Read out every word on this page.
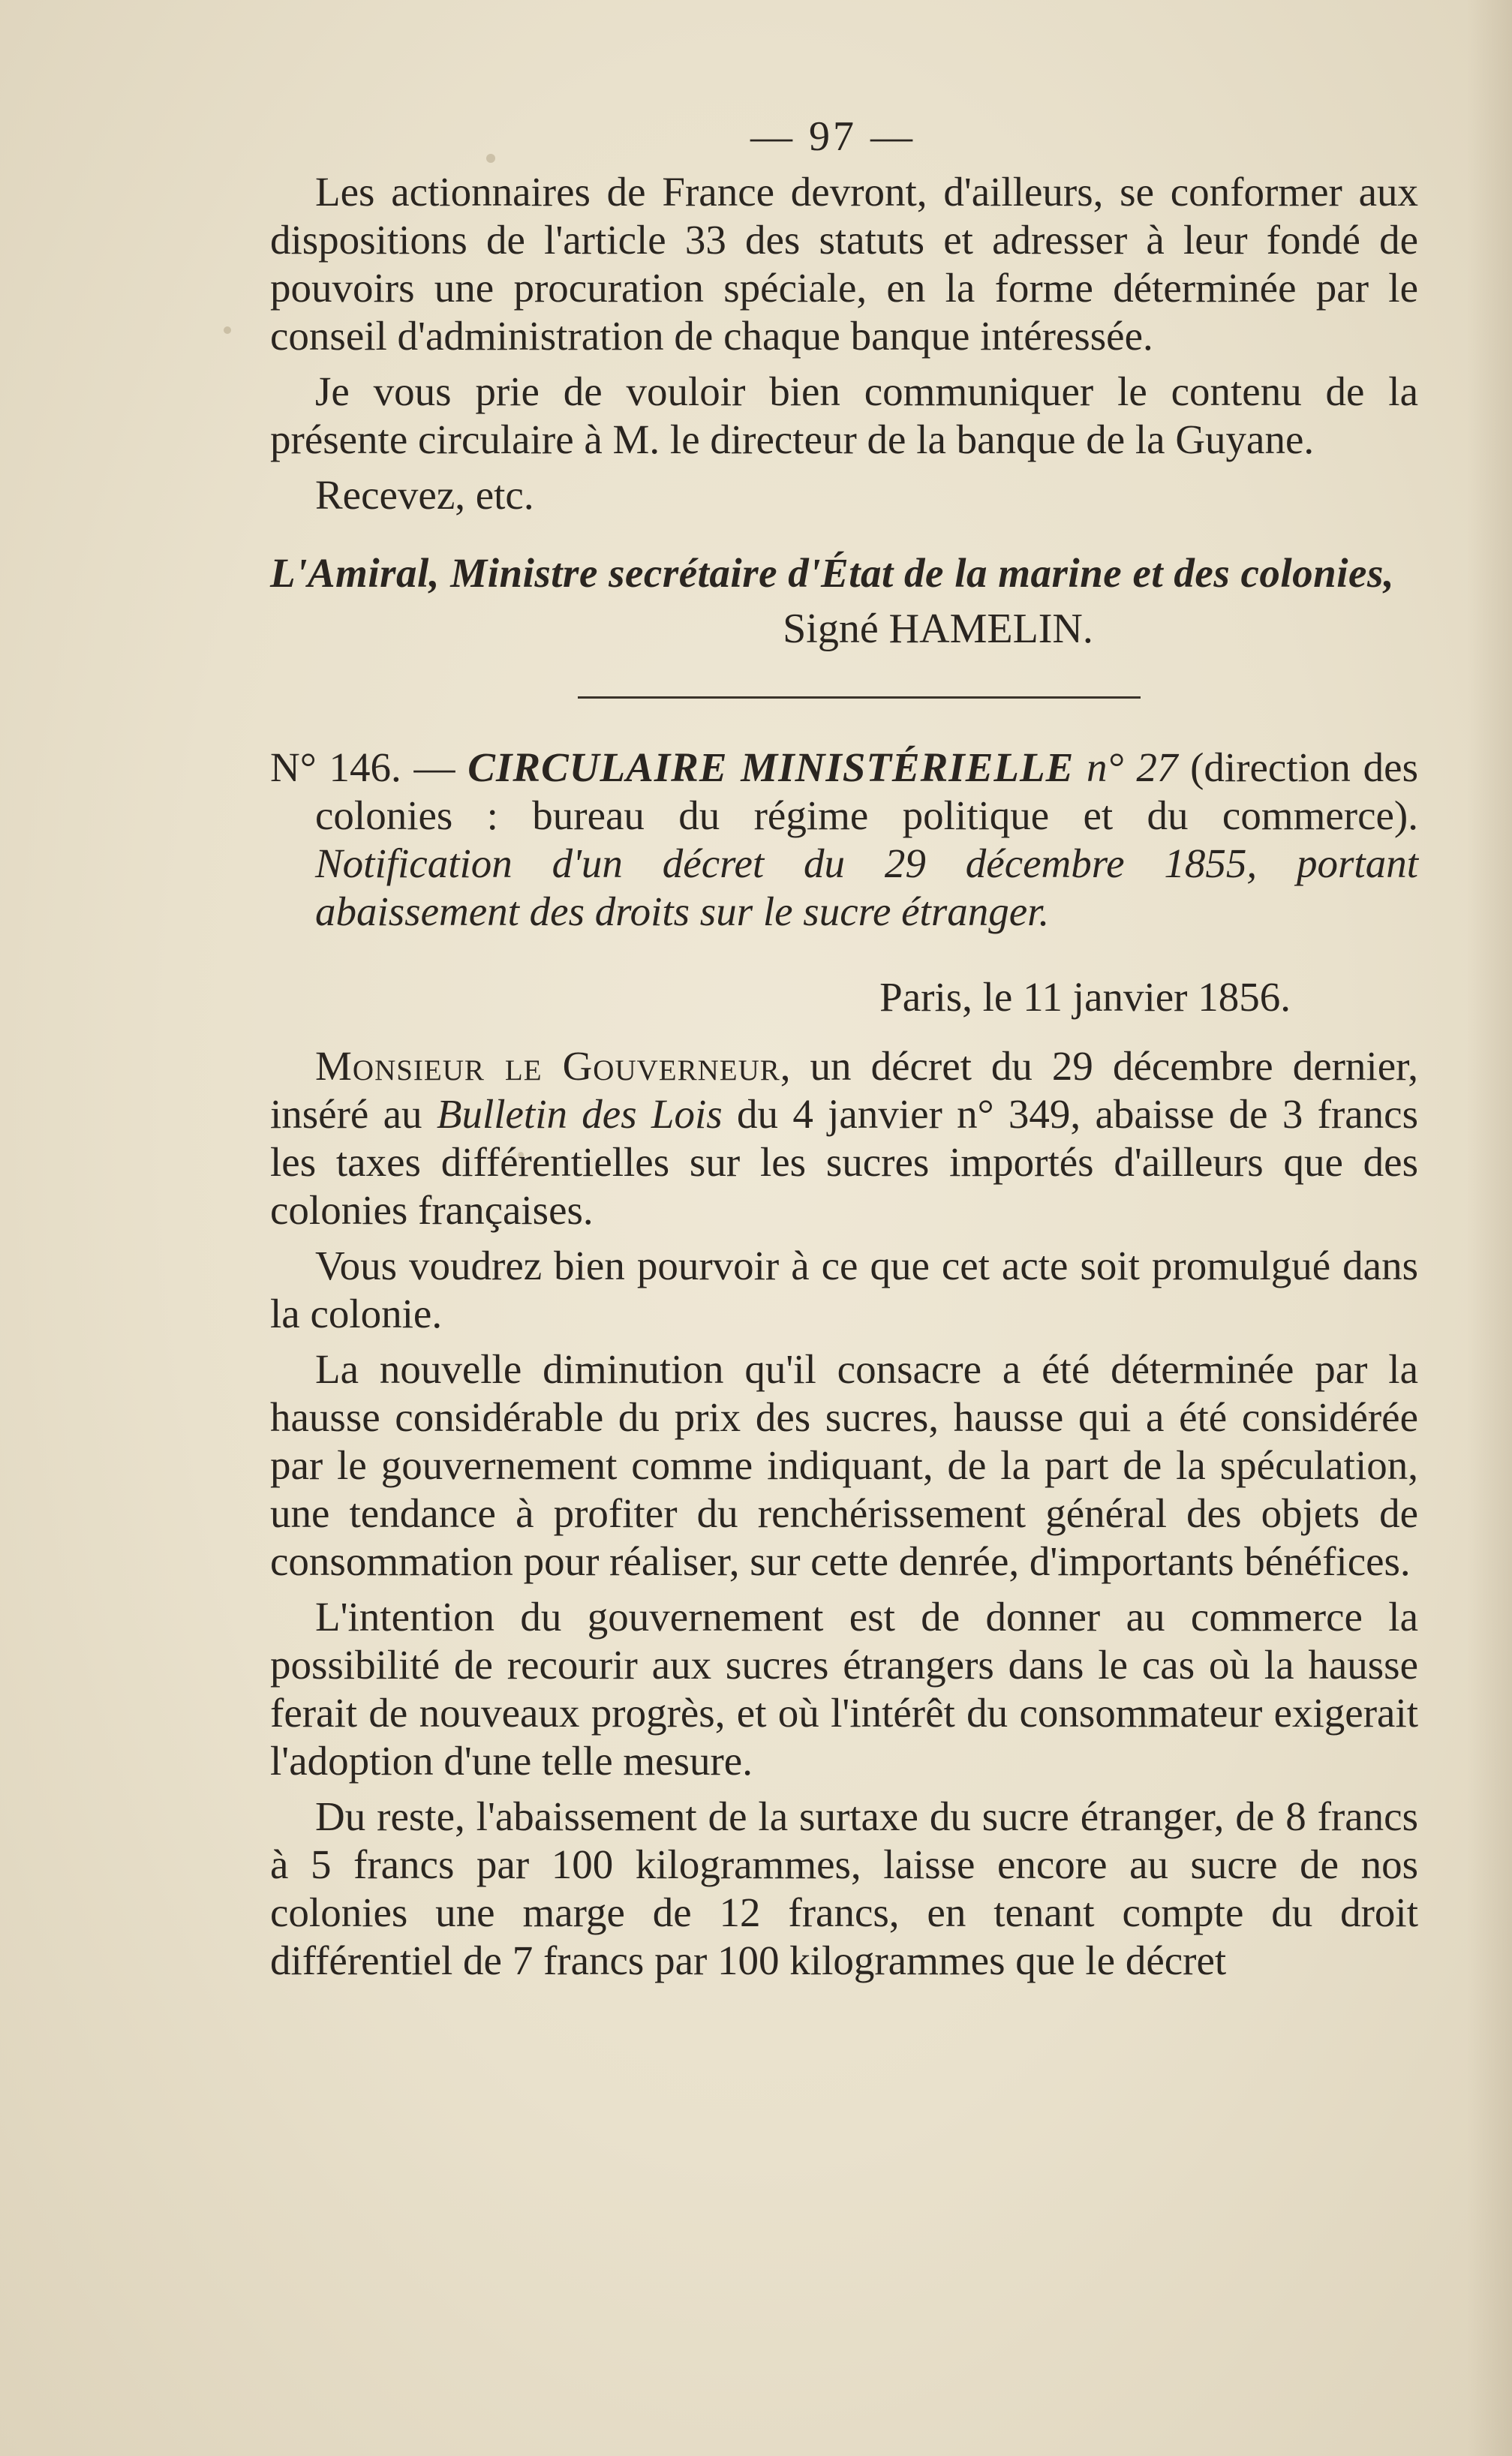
— 97 —

Les actionnaires de France devront, d'ailleurs, se conformer aux dispositions de l'article 33 des statuts et adresser à leur fondé de pouvoirs une procuration spéciale, en la forme déterminée par le conseil d'administration de chaque banque intéressée.

Je vous prie de vouloir bien communiquer le contenu de la présente circulaire à M. le directeur de la banque de la Guyane.

Recevez, etc.

L'Amiral, Ministre secrétaire d'État de la marine et des colonies,

Signé HAMELIN.

N° 146. — CIRCULAIRE MINISTÉRIELLE n° 27 (direction des colonies : bureau du régime politique et du commerce). Notification d'un décret du 29 décembre 1855, portant abaissement des droits sur le sucre étranger.

Paris, le 11 janvier 1856.

Monsieur le Gouverneur, un décret du 29 décembre dernier, inséré au Bulletin des Lois du 4 janvier n° 349, abaisse de 3 francs les taxes différentielles sur les sucres importés d'ailleurs que des colonies françaises.

Vous voudrez bien pourvoir à ce que cet acte soit promulgué dans la colonie.

La nouvelle diminution qu'il consacre a été déterminée par la hausse considérable du prix des sucres, hausse qui a été considérée par le gouvernement comme indiquant, de la part de la spéculation, une tendance à profiter du renchérissement général des objets de consommation pour réaliser, sur cette denrée, d'importants bénéfices.

L'intention du gouvernement est de donner au commerce la possibilité de recourir aux sucres étrangers dans le cas où la hausse ferait de nouveaux progrès, et où l'intérêt du consommateur exigerait l'adoption d'une telle mesure.

Du reste, l'abaissement de la surtaxe du sucre étranger, de 8 francs à 5 francs par 100 kilogrammes, laisse encore au sucre de nos colonies une marge de 12 francs, en tenant compte du droit différentiel de 7 francs par 100 kilogrammes que le décret
